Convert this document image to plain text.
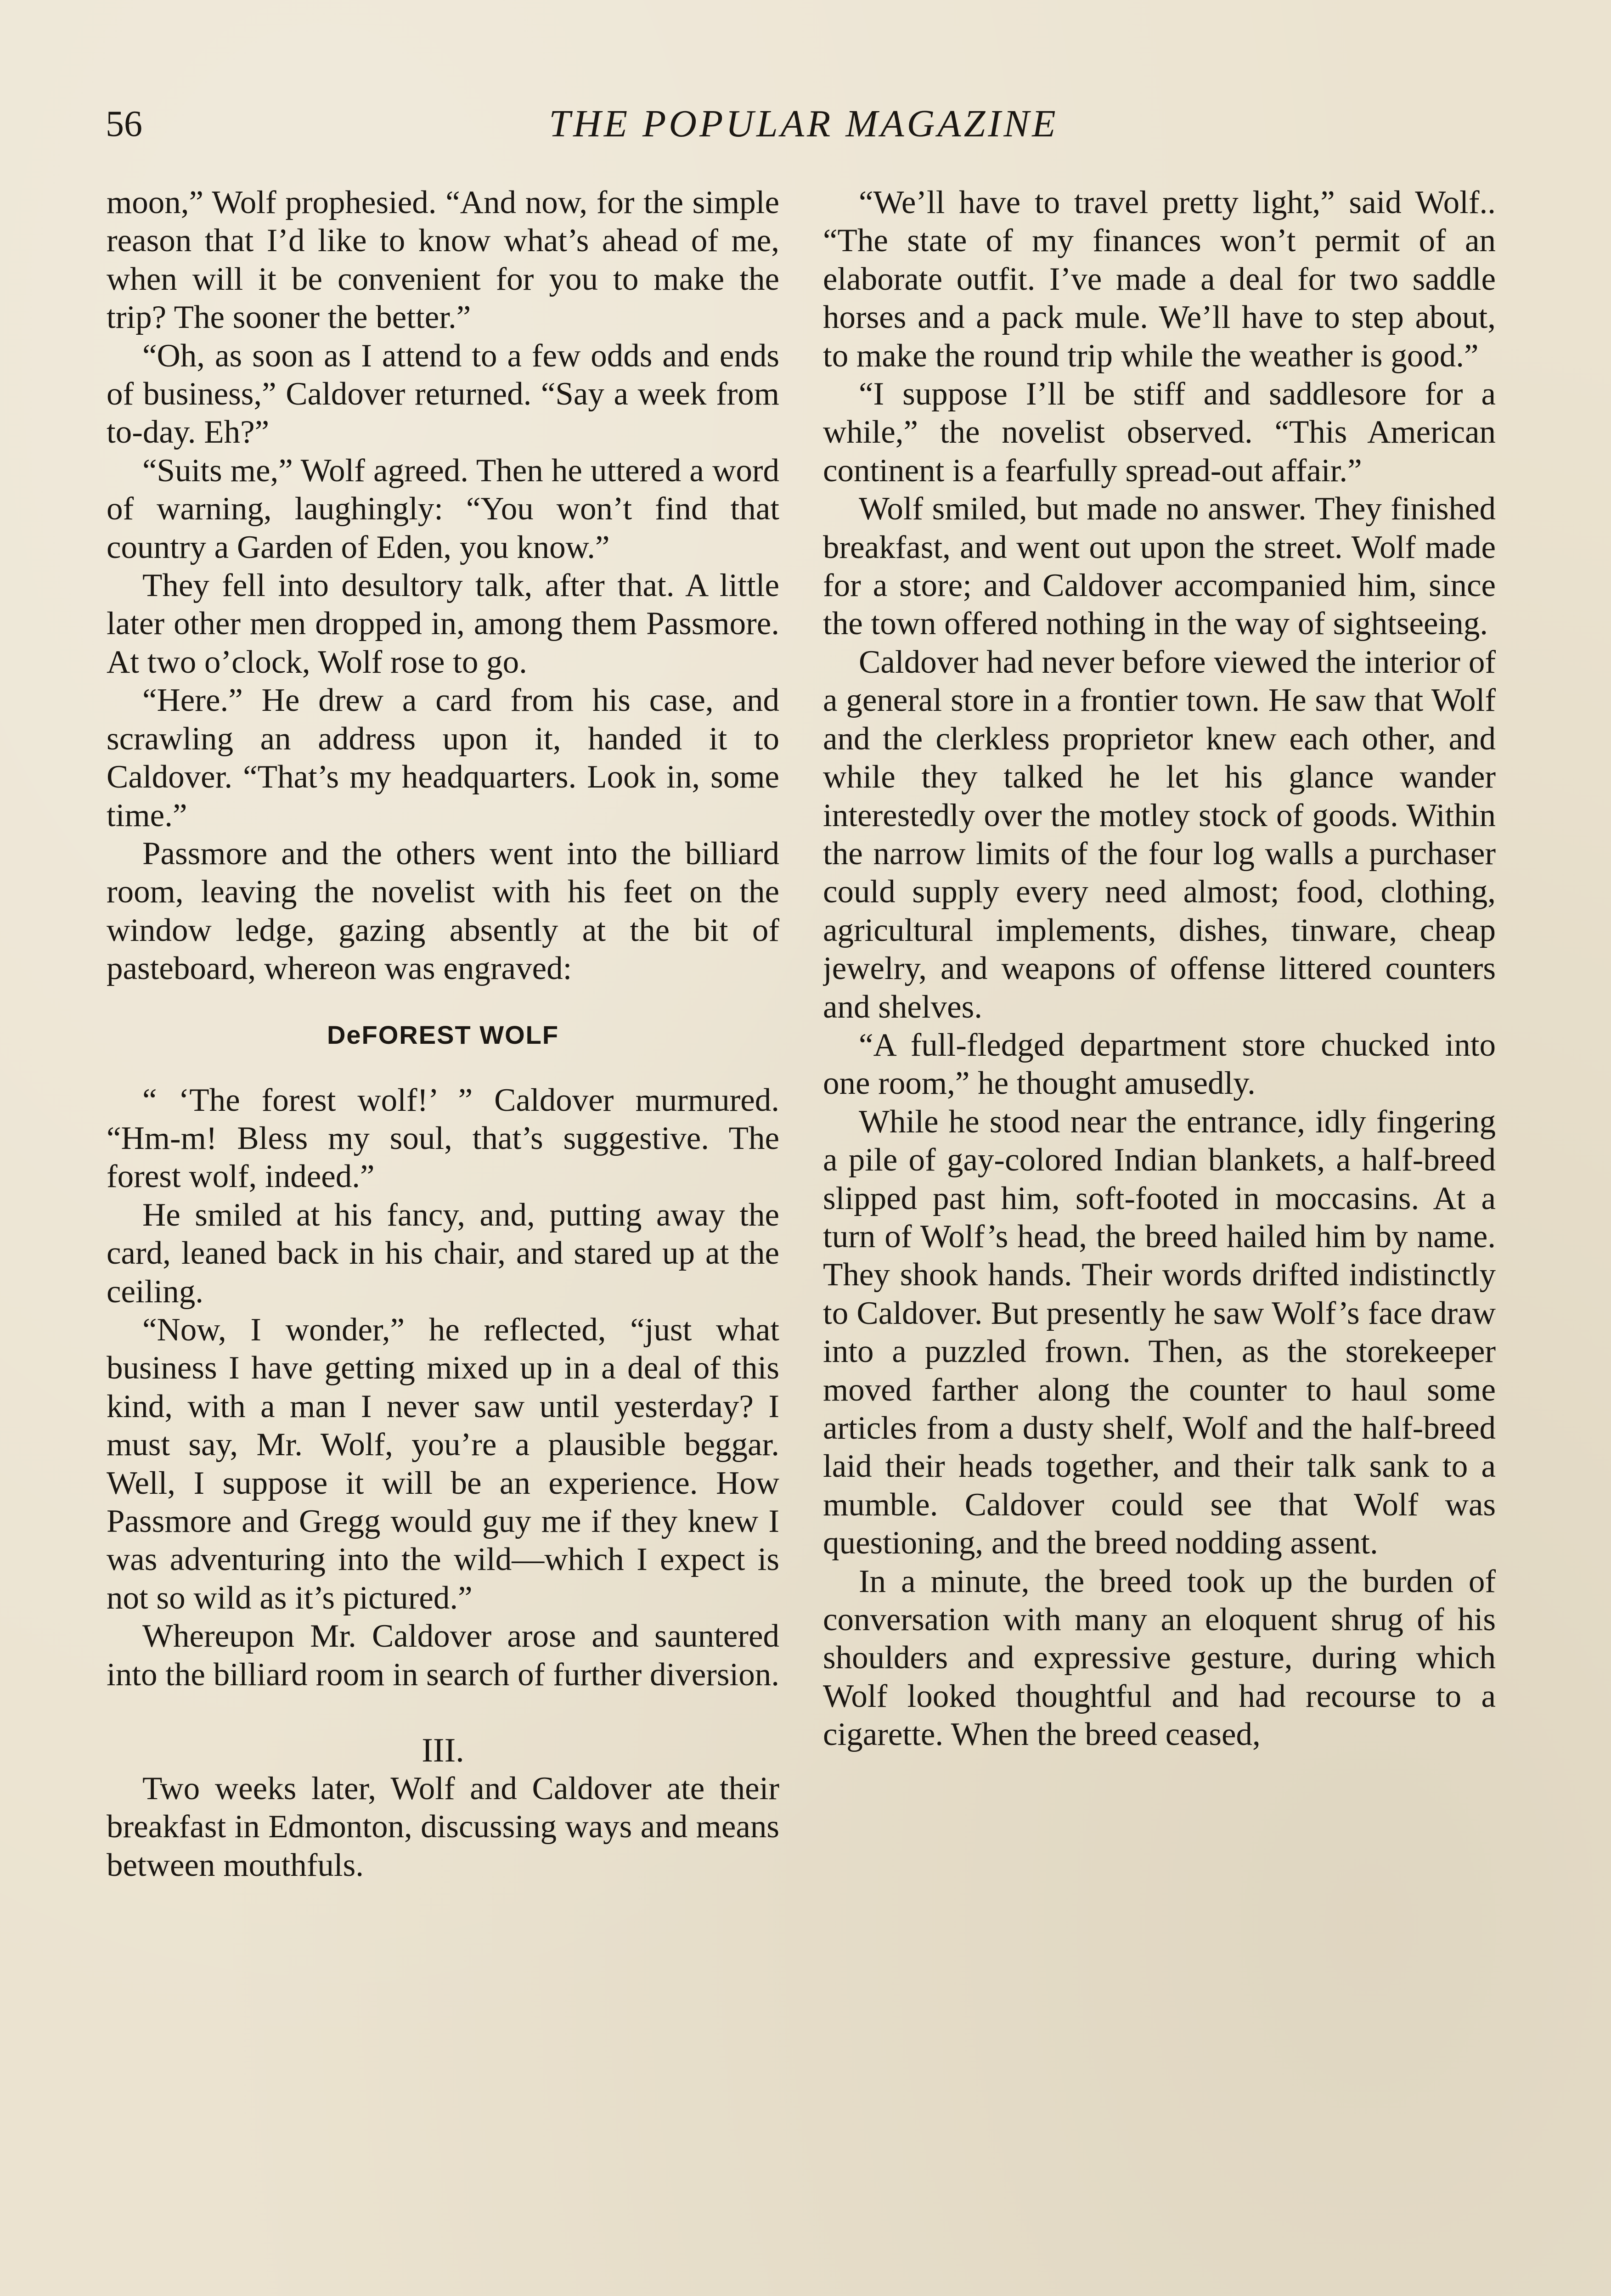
56	THE POPULAR MAGAZINE

moon,” Wolf prophesied. “And now, for the simple reason that I’d like to know what’s ahead of me, when will it be convenient for you to make the trip? The sooner the better.”

“Oh, as soon as I attend to a few odds and ends of business,” Caldover returned. “Say a week from to-day. Eh?”

“Suits me,” Wolf agreed. Then he uttered a word of warning, laughingly: “You won’t find that country a Garden of Eden, you know.”

They fell into desultory talk, after that. A little later other men dropped in, among them Passmore. At two o’clock, Wolf rose to go.

“Here.” He drew a card from his case, and scrawling an address upon it, handed it to Caldover. “That’s my headquarters. Look in, some time.”

Passmore and the others went into the billiard room, leaving the novelist with his feet on the window ledge, gazing absently at the bit of pasteboard, whereon was engraved:

DeFOREST WOLF

“ ‘The forest wolf!’ ” Caldover murmured. “Hm-m! Bless my soul, that’s suggestive. The forest wolf, indeed.”

He smiled at his fancy, and, putting away the card, leaned back in his chair, and stared up at the ceiling.

“Now, I wonder,” he reflected, “just what business I have getting mixed up in a deal of this kind, with a man I never saw until yesterday? I must say, Mr. Wolf, you’re a plausible beggar. Well, I suppose it will be an experience. How Passmore and Gregg would guy me if they knew I was adventuring into the wild—which I expect is not so wild as it’s pictured.”

Whereupon Mr. Caldover arose and sauntered into the billiard room in search of further diversion.

III.

Two weeks later, Wolf and Caldover ate their breakfast in Edmonton, discussing ways and means between mouthfuls.

“We’ll have to travel pretty light,” said Wolf.. “The state of my finances won’t permit of an elaborate outfit. I’ve made a deal for two saddle horses and a pack mule. We’ll have to step about, to make the round trip while the weather is good.”

“I suppose I’ll be stiff and saddlesore for a while,” the novelist observed. “This American continent is a fearfully spread-out affair.”

Wolf smiled, but made no answer. They finished breakfast, and went out upon the street. Wolf made for a store; and Caldover accompanied him, since the town offered nothing in the way of sightseeing.

Caldover had never before viewed the interior of a general store in a frontier town. He saw that Wolf and the clerkless proprietor knew each other, and while they talked he let his glance wander interestedly over the motley stock of goods. Within the narrow limits of the four log walls a purchaser could supply every need almost; food, clothing, agricultural implements, dishes, tinware, cheap jewelry, and weapons of offense littered counters and shelves.

“A full-fledged department store chucked into one room,” he thought amusedly.

While he stood near the entrance, idly fingering a pile of gay-colored Indian blankets, a half-breed slipped past him, soft-footed in moccasins. At a turn of Wolf’s head, the breed hailed him by name. They shook hands. Their words drifted indistinctly to Caldover. But presently he saw Wolf’s face draw into a puzzled frown. Then, as the storekeeper moved farther along the counter to haul some articles from a dusty shelf, Wolf and the half-breed laid their heads together, and their talk sank to a mumble. Caldover could see that Wolf was questioning, and the breed nodding assent.

In a minute, the breed took up the burden of conversation with many an eloquent shrug of his shoulders and expressive gesture, during which Wolf looked thoughtful and had recourse to a cigarette. When the breed ceased,
